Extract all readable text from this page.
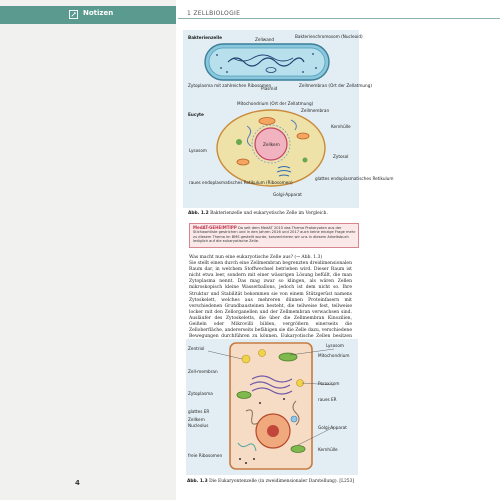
Notizen
4
1 ZELLBIOLOGIE
Bakterienzelle	Zellwand
Bakterienchromosom (Nucleoid)
Zytoplasma mit zahlreichen Ribosomen
Plasmid
Zellmembran (Ort der Zellatmung)
Eucyte
Mitochondrium (Ort der Zellatmung)
Zellmembran
Kernhülle
Lysosom
Zellkern
Zytosol
raues endoplasmatisches Retikulum (Ribosomen)
Golgi-Apparat
glattes endoplasmatisches Retikulum
Abb. 1.2 Bakterienzelle und eukaryotische Zelle im Vergleich.
MedAT-GEHEIMTIPP Da seit dem MedAT 2015 das Thema Prokaryoten aus der Stichwortliste gestrichen und in den Jahren 2016 und 2017 auch keine einzige Frage mehr zu diesem Thema im BMS gestellt wurde, konzentrieren wir uns in diesem Arbeitsbuch lediglich auf die eukaryotische Zelle.
Was macht nun eine eukaryotische Zelle aus? (→ Abb. 1.3)
Sie stellt einen durch eine Zellmembran begrenzten dreidimensionalen Raum dar, in welchem Stoffwechsel betrieben wird. Dieser Raum ist nicht etwa leer, sondern mit einer wässrigen Lösung befüllt, die man Zytoplasma nennt. Das mag zwar so klingen, als wären Zellen mikroskopisch kleine Wasserballons, jedoch ist dem nicht so. Ihre Struktur und Stabilität bekommen sie von einem Stützgerüst namens Zytoskelett, welches aus mehreren dünnen Proteinfasern mit verschiedenen Grundbausteinen besteht, die teilweise fest, teilweise locker mit den Zellorganellen und der Zellmembran verwachsen sind. Ausläufer des Zytoskeletts, die über die Zellmembran Kinozilien, Geißeln oder Mikrovilli bilden, vergrößern einerseits die Zelloberfläche, andererseits befähigen sie die Zelle dazu, verschiedene Bewegungen durchführen zu können. Eukaryotische Zellen besitzen
Zentriol
Zell-membran
Zytoplasma
glattes ER
Zellkern
Nucleolus
freie Ribosomen
Lysosom
Mitochondrium
Peroxisom
raues ER
Golgi-Apparat
Kernhülle
Abb. 1.3 Die Eukaryontenzelle (in zweidimensionaler Darstellung). [L253]
